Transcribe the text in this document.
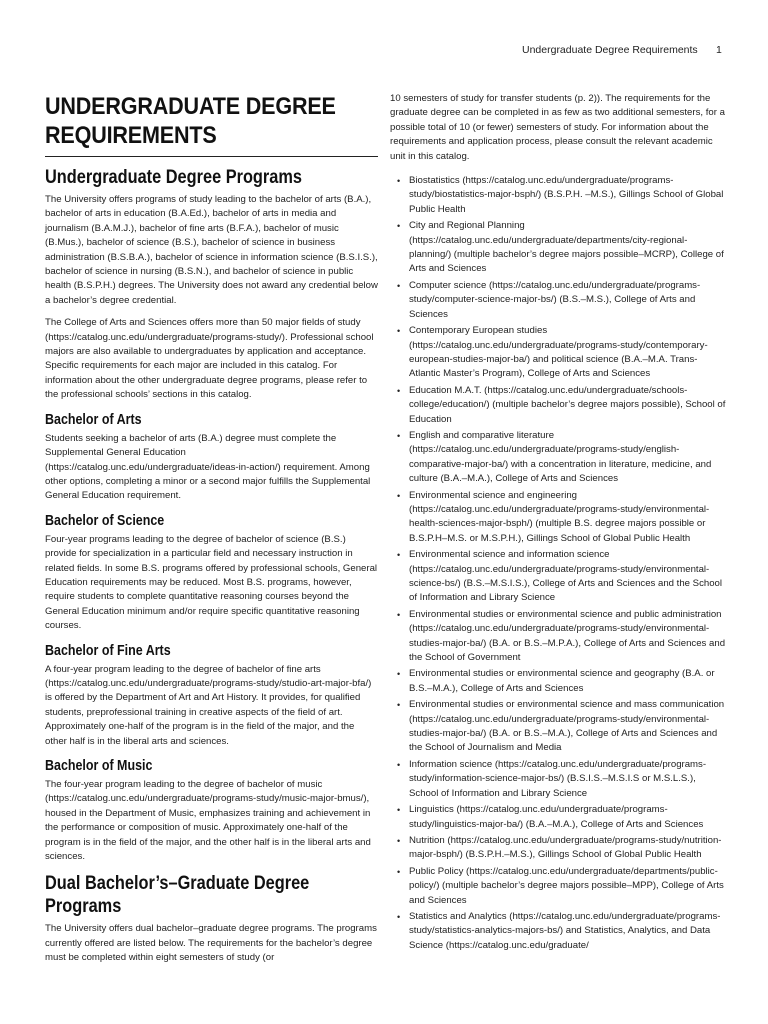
Undergraduate Degree Requirements 1
UNDERGRADUATE DEGREE
REQUIREMENTS
Undergraduate Degree Programs

The University offers programs of study leading to the bachelor of arts (B.A.), bachelor of arts in education (B.A.Ed.), bachelor of arts in media and journalism (B.A.M.J.), bachelor of fine arts (B.F.A.), bachelor of music (B.Mus.), bachelor of science (B.S.), bachelor of science in business administration (B.S.B.A.), bachelor of science in information science (B.S.I.S.), bachelor of science in nursing (B.S.N.), and bachelor of science in public health (B.S.P.H.) degrees. The University does not award any credential below a bachelor’s degree credential.

The College of Arts and Sciences offers more than 50 major fields of study (https://catalog.unc.edu/undergraduate/programs-study/). Professional school majors are also available to undergraduates by application and acceptance. Specific requirements for each major are included in this catalog. For information about the other undergraduate degree programs, please refer to the professional schools’ sections in this catalog.

Bachelor of Arts

Students seeking a bachelor of arts (B.A.) degree must complete the Supplemental General Education (https://catalog.unc.edu/undergraduate/ideas-in-action/) requirement. Among other options, completing a minor or a second major fulfills the Supplemental General Education requirement.

Bachelor of Science

Four-year programs leading to the degree of bachelor of science (B.S.) provide for specialization in a particular field and necessary instruction in related fields. In some B.S. programs offered by professional schools, General Education requirements may be reduced. Most B.S. programs, however, require students to complete quantitative reasoning courses beyond the General Education minimum and/or require specific quantitative reasoning courses.

Bachelor of Fine Arts

A four-year program leading to the degree of bachelor of fine arts (https://catalog.unc.edu/undergraduate/programs-study/studio-art-major-bfa/) is offered by the Department of Art and Art History. It provides, for qualified students, preprofessional training in creative aspects of the field of art. Approximately one-half of the program is in the field of the major, and the other half is in the liberal arts and sciences.

Bachelor of Music

The four-year program leading to the degree of bachelor of music (https://catalog.unc.edu/undergraduate/programs-study/music-major-bmus/), housed in the Department of Music, emphasizes training and achievement in the performance or composition of music. Approximately one-half of the program is in the field of the major, and the other half is in the liberal arts and sciences.

Dual Bachelor’s–Graduate Degree
Programs

The University offers dual bachelor–graduate degree programs. The programs currently offered are listed below. The requirements for the bachelor’s degree must be completed within eight semesters of study (or

10 semesters of study for transfer students (p. 2)). The requirements for the graduate degree can be completed in as few as two additional semesters, for a possible total of 10 (or fewer) semesters of study. For information about the requirements and application process, please consult the relevant academic unit in this catalog.

• Biostatistics (https://catalog.unc.edu/undergraduate/programs-study/biostatistics-major-bsph/) (B.S.P.H. –M.S.), Gillings School of Global Public Health
• City and Regional Planning (https://catalog.unc.edu/undergraduate/departments/city-regional-planning/) (multiple bachelor’s degree majors possible–MCRP), College of Arts and Sciences
• Computer science (https://catalog.unc.edu/undergraduate/programs-study/computer-science-major-bs/) (B.S.–M.S.), College of Arts and Sciences
• Contemporary European studies (https://catalog.unc.edu/undergraduate/programs-study/contemporary-european-studies-major-ba/) and political science (B.A.–M.A. Trans-Atlantic Master’s Program), College of Arts and Sciences
• Education M.A.T. (https://catalog.unc.edu/undergraduate/schools-college/education/) (multiple bachelor’s degree majors possible), School of Education
• English and comparative literature (https://catalog.unc.edu/undergraduate/programs-study/english-comparative-major-ba/) with a concentration in literature, medicine, and culture (B.A.–M.A.), College of Arts and Sciences
• Environmental science and engineering (https://catalog.unc.edu/undergraduate/programs-study/environmental-health-sciences-major-bsph/) (multiple B.S. degree majors possible or B.S.P.H–M.S. or M.S.P.H.), Gillings School of Global Public Health
• Environmental science and information science (https://catalog.unc.edu/undergraduate/programs-study/environmental-science-bs/) (B.S.–M.S.I.S.), College of Arts and Sciences and the School of Information and Library Science
• Environmental studies or environmental science and public administration (https://catalog.unc.edu/undergraduate/programs-study/environmental-studies-major-ba/) (B.A. or B.S.–M.P.A.), College of Arts and Sciences and the School of Government
• Environmental studies or environmental science and geography (B.A. or B.S.–M.A.), College of Arts and Sciences
• Environmental studies or environmental science and mass communication (https://catalog.unc.edu/undergraduate/programs-study/environmental-studies-major-ba/) (B.A. or B.S.–M.A.), College of Arts and Sciences and the School of Journalism and Media
• Information science (https://catalog.unc.edu/undergraduate/programs-study/information-science-major-bs/) (B.S.I.S.–M.S.I.S or M.S.L.S.), School of Information and Library Science
• Linguistics (https://catalog.unc.edu/undergraduate/programs-study/linguistics-major-ba/) (B.A.–M.A.), College of Arts and Sciences
• Nutrition (https://catalog.unc.edu/undergraduate/programs-study/nutrition-major-bsph/) (B.S.P.H.–M.S.), Gillings School of Global Public Health
• Public Policy (https://catalog.unc.edu/undergraduate/departments/public-policy/) (multiple bachelor’s degree majors possible–MPP), College of Arts and Sciences
• Statistics and Analytics (https://catalog.unc.edu/undergraduate/programs-study/statistics-analytics-majors-bs/) and Statistics, Analytics, and Data Science (https://catalog.unc.edu/graduate/
